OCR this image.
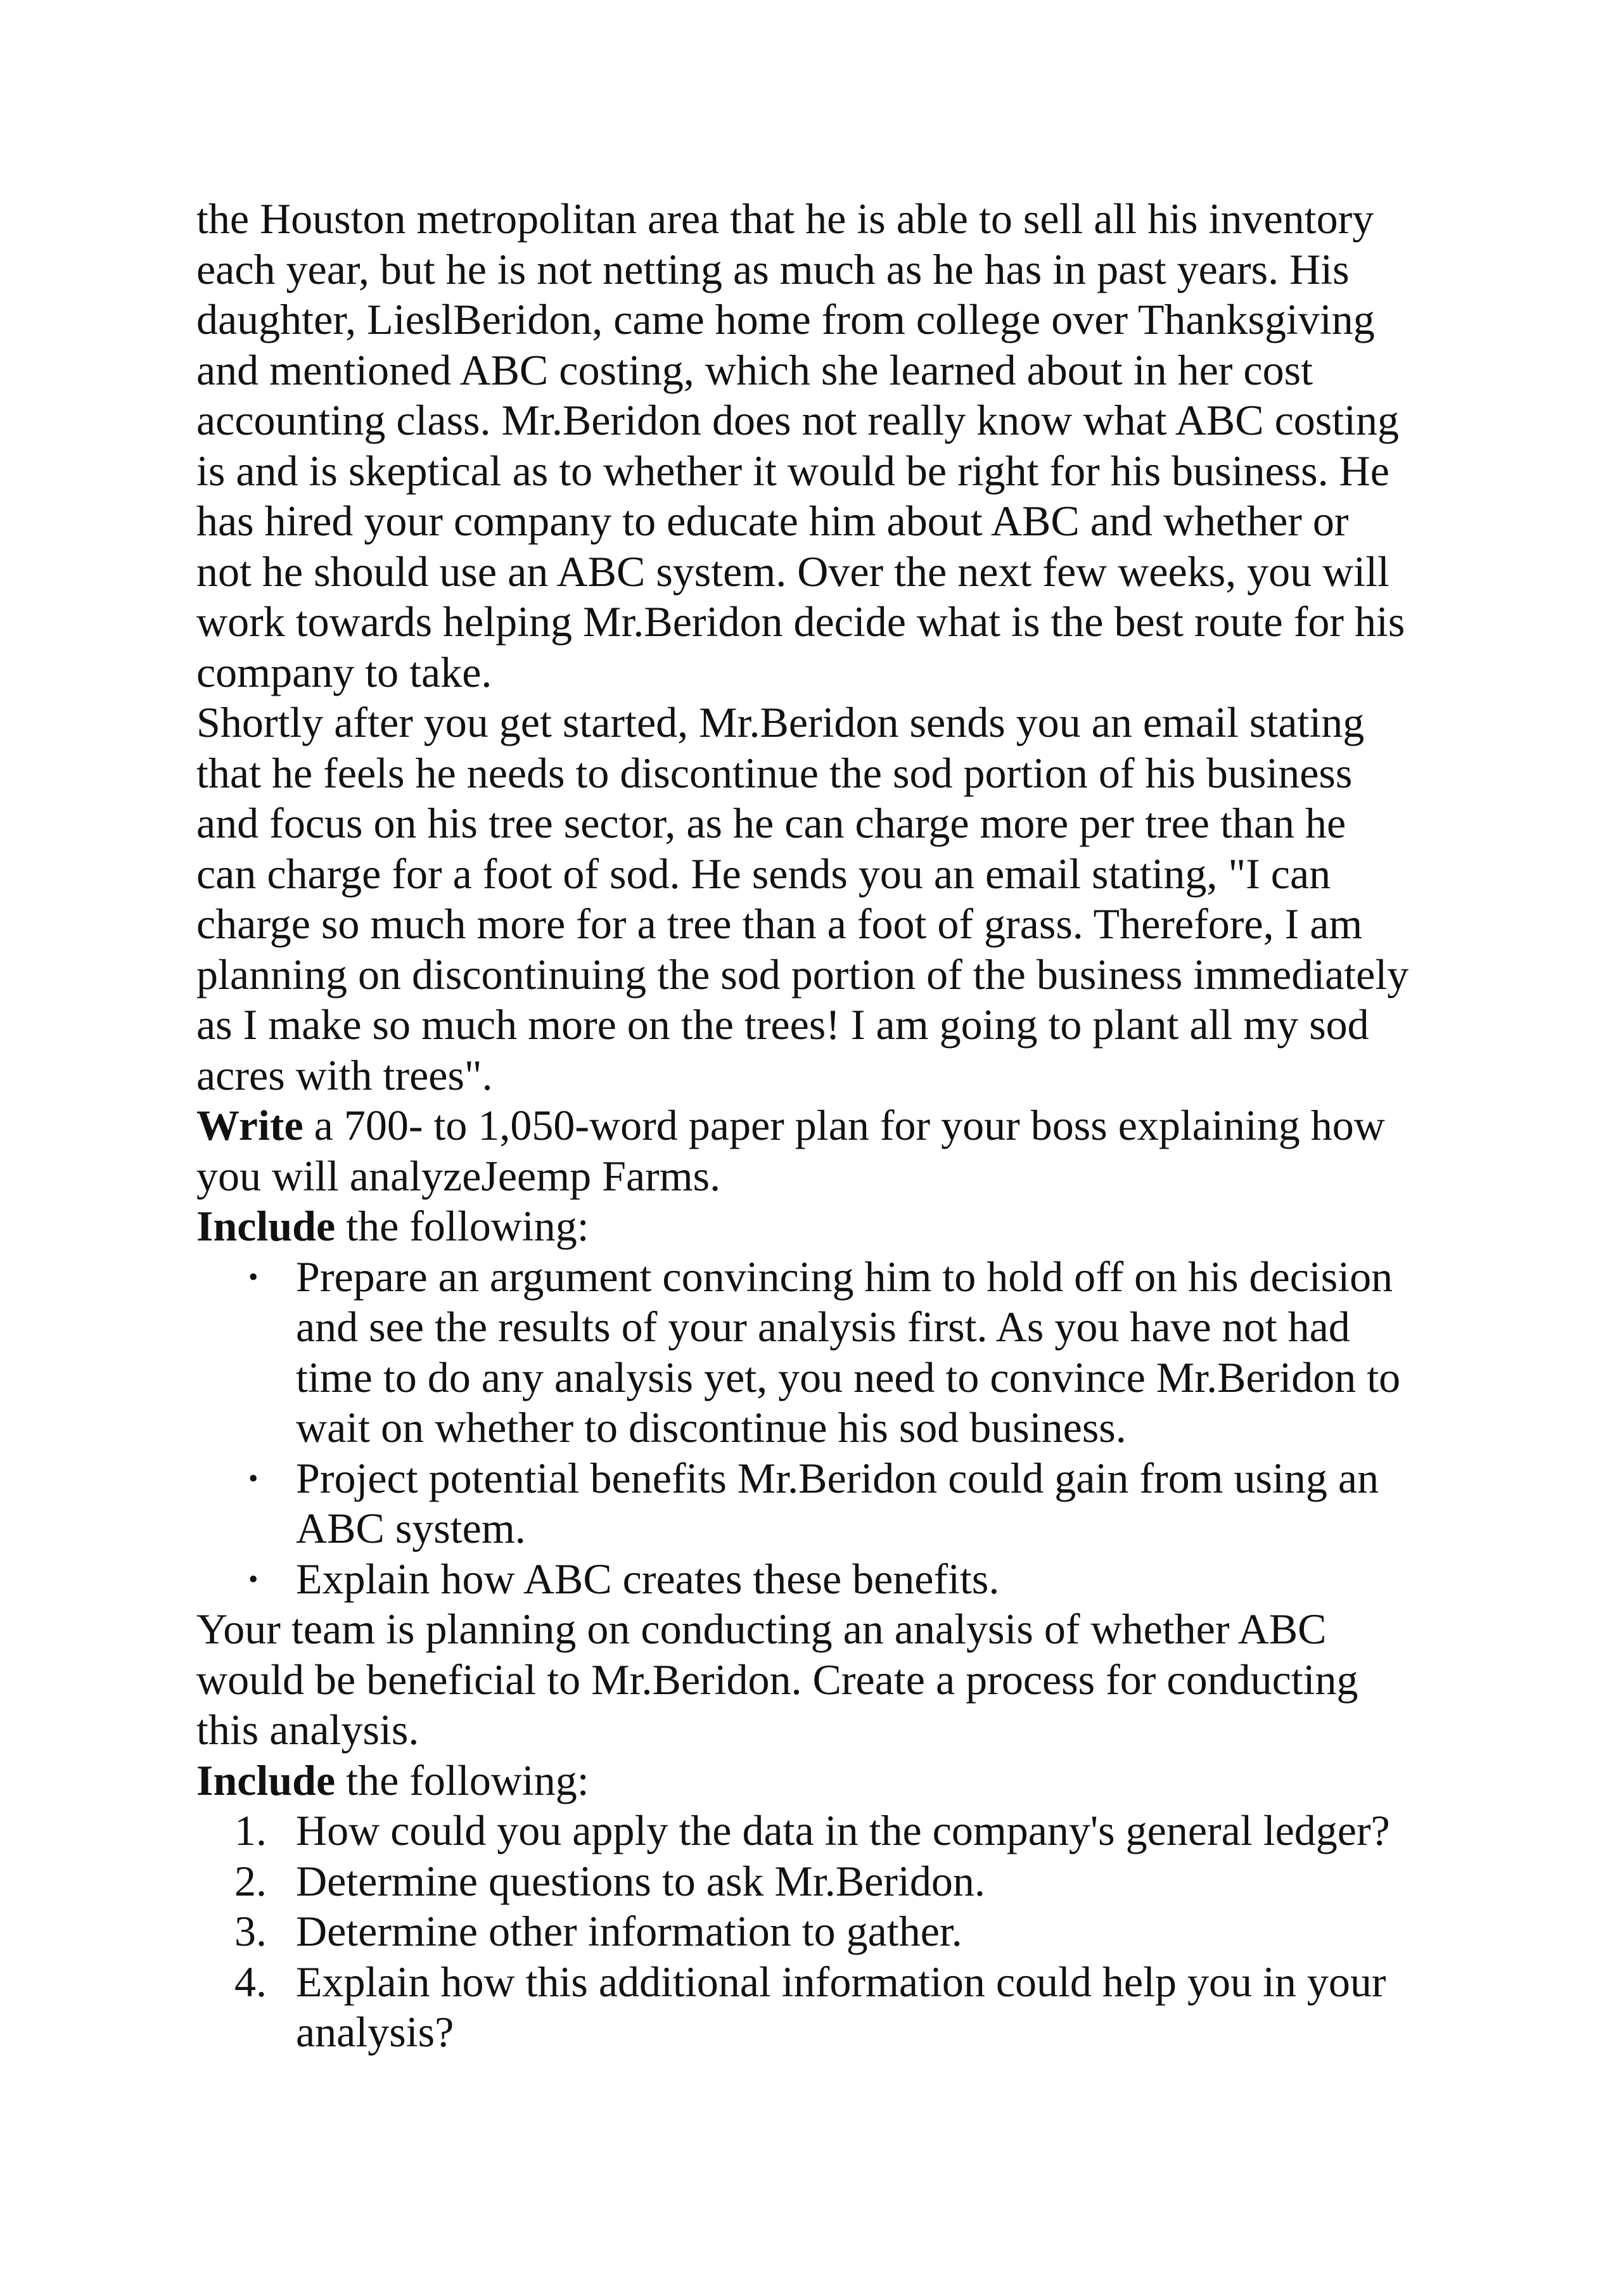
the Houston metropolitan area that he is able to sell all his inventory
each year, but he is not netting as much as he has in past years. His
daughter, LieslBeridon, came home from college over Thanksgiving
and mentioned ABC costing, which she learned about in her cost
accounting class. Mr.Beridon does not really know what ABC costing
is and is skeptical as to whether it would be right for his business. He
has hired your company to educate him about ABC and whether or
not he should use an ABC system. Over the next few weeks, you will
work towards helping Mr.Beridon decide what is the best route for his
company to take.

Shortly after you get started, Mr.Beridon sends you an email stating
that he feels he needs to discontinue the sod portion of his business
and focus on his tree sector, as he can charge more per tree than he
can charge for a foot of sod. He sends you an email stating, "I can
charge so much more for a tree than a foot of grass. Therefore, I am
planning on discontinuing the sod portion of the business immediately
as I make so much more on the trees! I am going to plant all my sod
acres with trees".

Write a 700- to 1,050-word paper plan for your boss explaining how
you will analyzeJeemp Farms.

Include the following:

• Prepare an argument convincing him to hold off on his decision
and see the results of your analysis first. As you have not had
time to do any analysis yet, you need to convince Mr.Beridon to
wait on whether to discontinue his sod business.
• Project potential benefits Mr.Beridon could gain from using an
ABC system.
• Explain how ABC creates these benefits.

Your team is planning on conducting an analysis of whether ABC
would be beneficial to Mr.Beridon. Create a process for conducting
this analysis.

Include the following:

1. How could you apply the data in the company's general ledger?
2. Determine questions to ask Mr.Beridon.
3. Determine other information to gather.
4. Explain how this additional information could help you in your
analysis?
